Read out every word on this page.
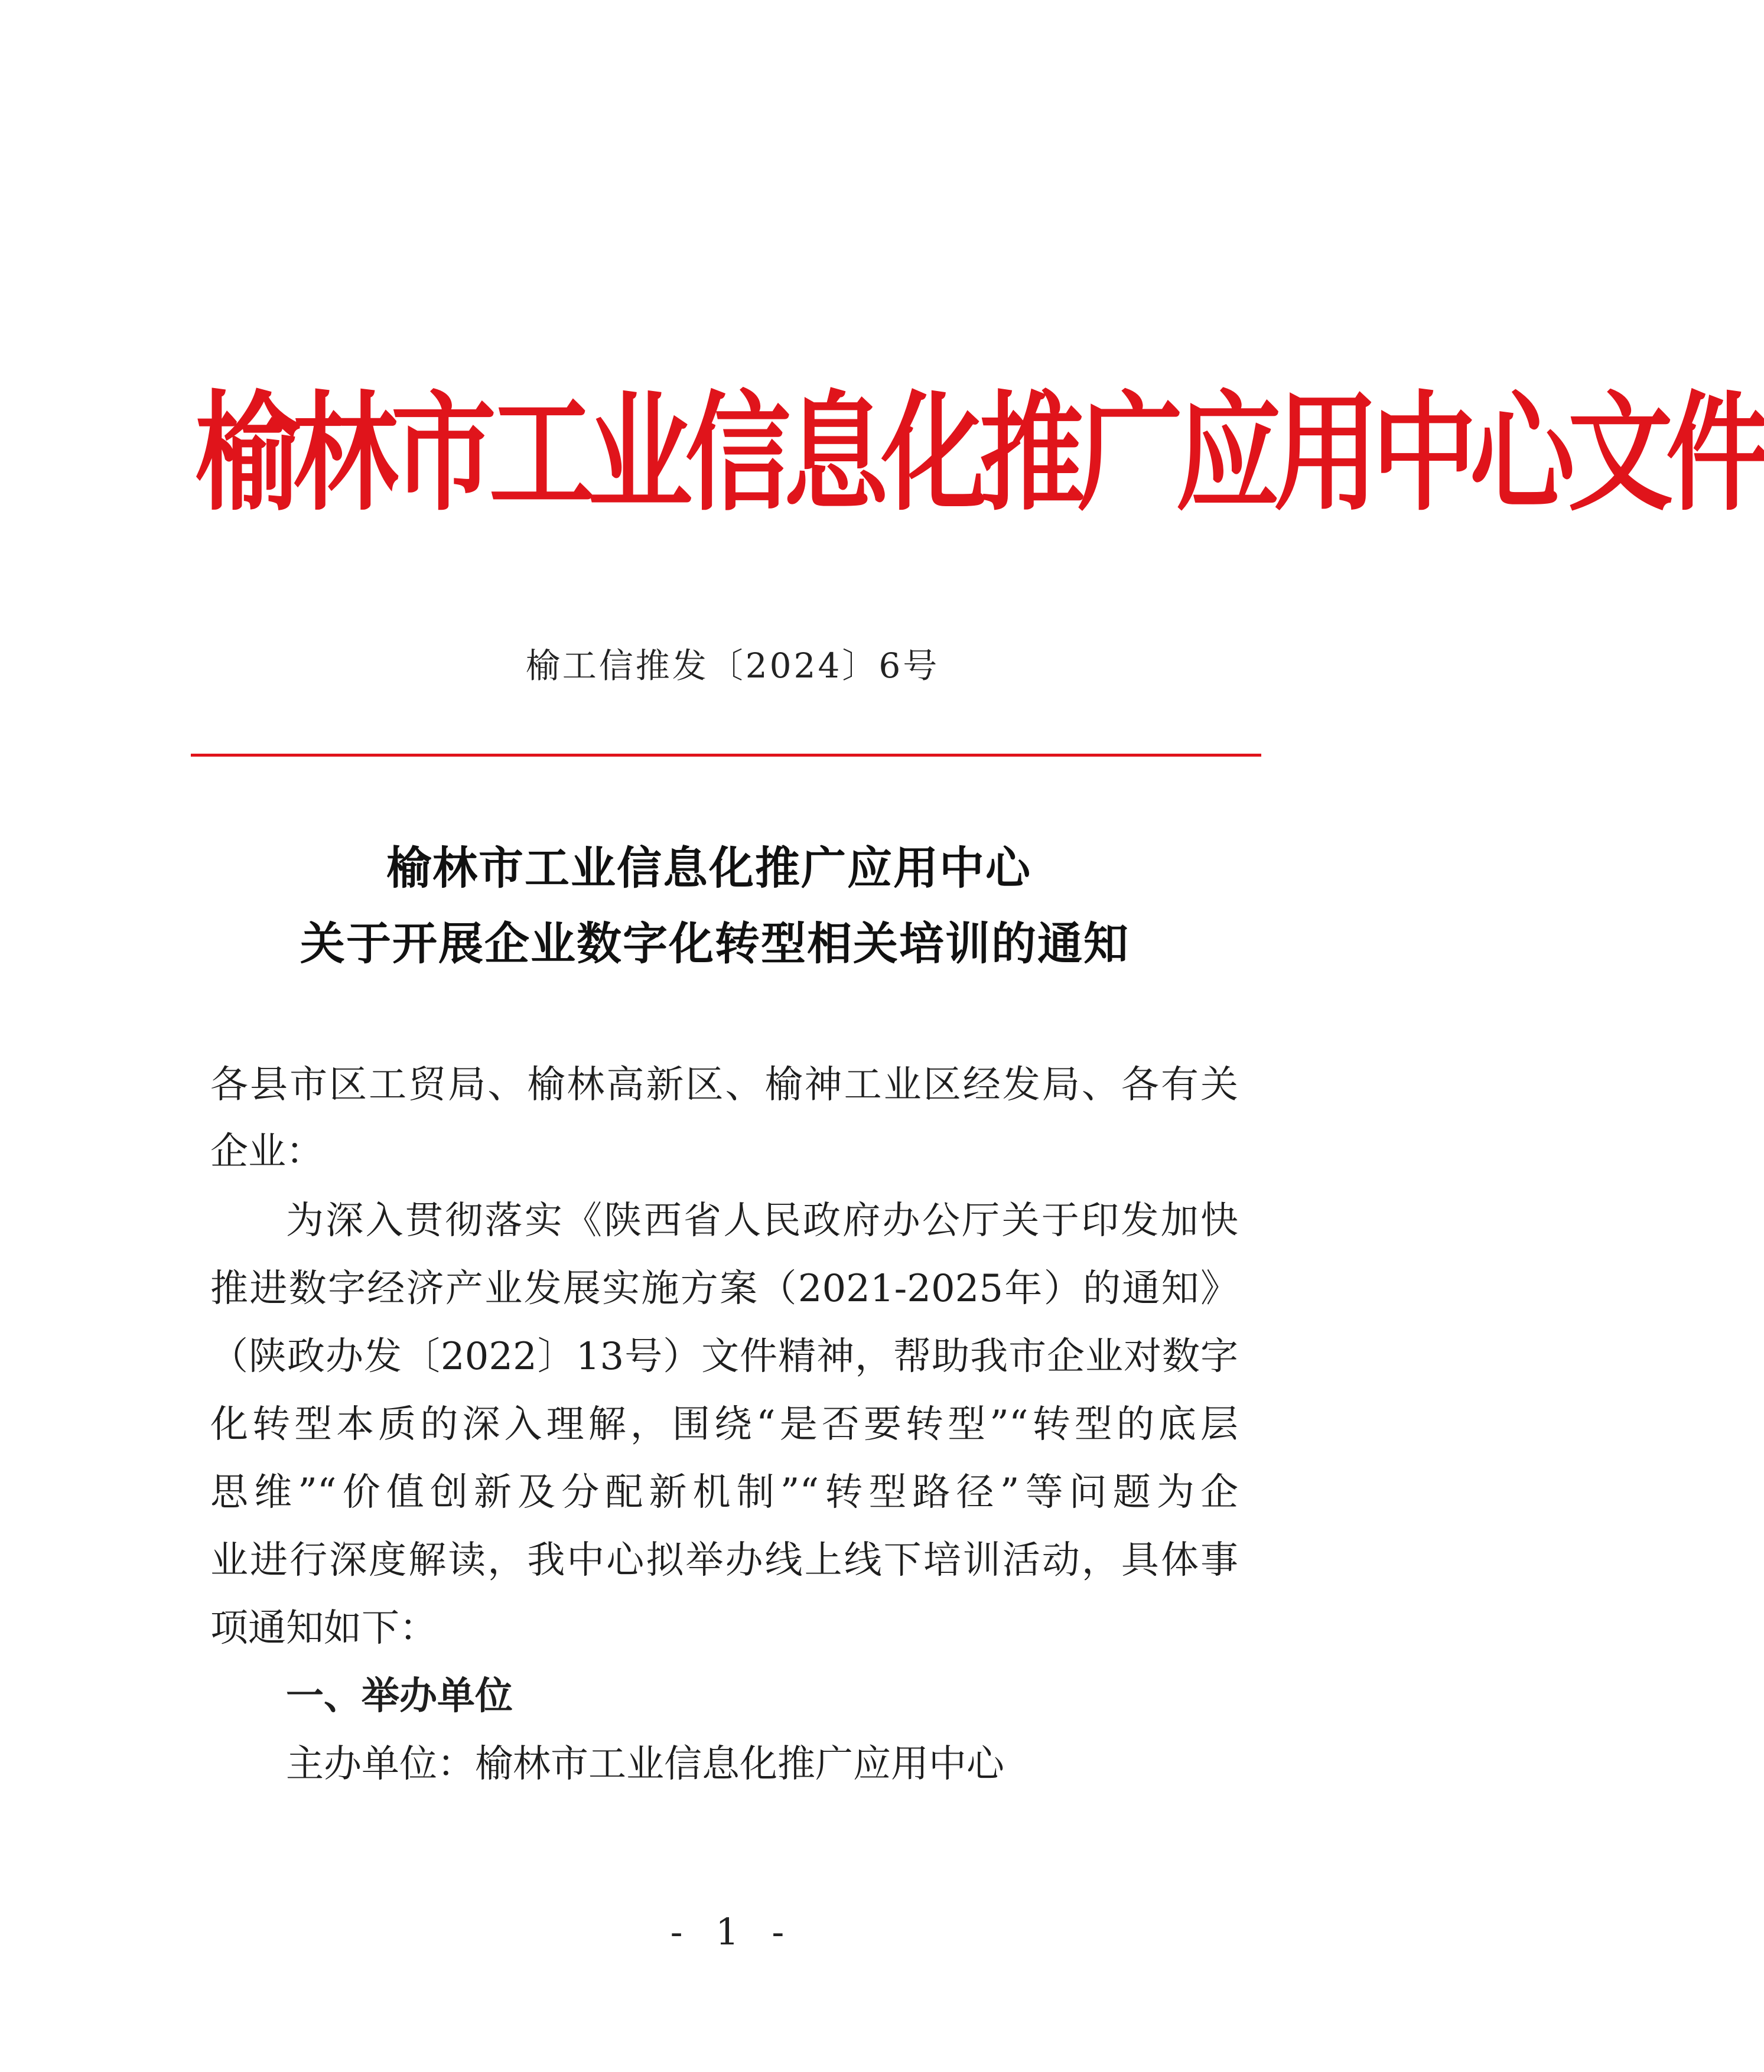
榆林市工业信息化推广应用中心文件
榆工信推发〔2024〕6号
榆林市工业信息化推广应用中心
关于开展企业数字化转型相关培训的通知
各县市区工贸局、榆林高新区、榆神工业区经发局、各有关
企业：
为深入贯彻落实《陕西省人民政府办公厅关于印发加快
推进数字经济产业发展实施方案（2021-2025年）的通知》
（陕政办发〔2022〕13号）文件精神，帮助我市企业对数字
化转型本质的深入理解，围绕“是否要转型”“转型的底层
思维”“价值创新及分配新机制”“转型路径”等问题为企
业进行深度解读，我中心拟举办线上线下培训活动，具体事
项通知如下：
一、举办单位
主办单位：榆林市工业信息化推广应用中心
- 1 -
